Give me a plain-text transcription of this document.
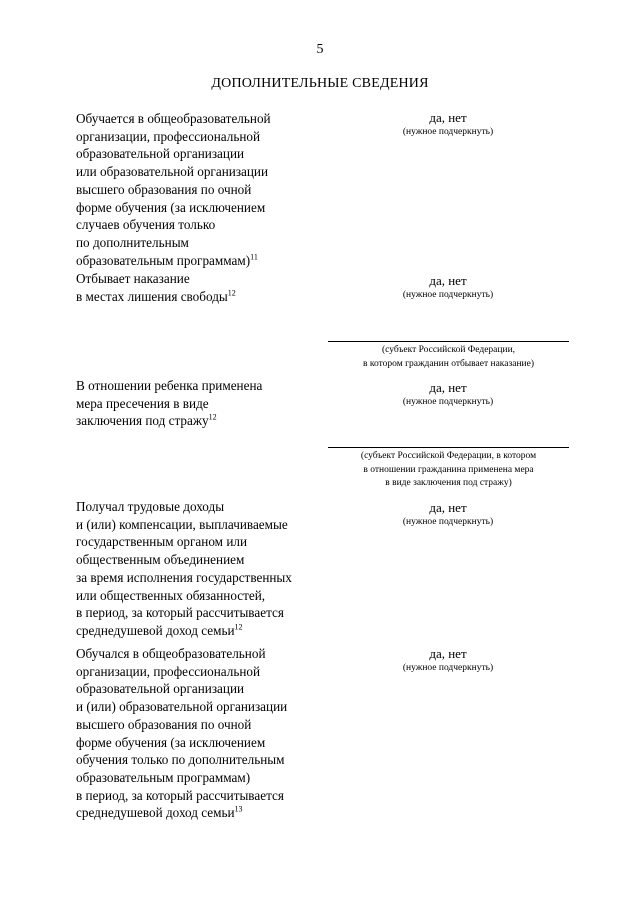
5
ДОПОЛНИТЕЛЬНЫЕ СВЕДЕНИЯ
Обучается в общеобразовательной
организации, профессиональной
образовательной организации
или образовательной организации
высшего образования по очной
форме обучения (за исключением
случаев обучения только
по дополнительным
образовательным программам)$^{11}$
да, нет
(нужное подчеркнуть)
Отбывает наказание
в местах лишения свободы$^{12}$
да, нет
(нужное подчеркнуть)
(субъект Российской Федерации,
в котором гражданин отбывает наказание)
В отношении ребенка применена
мера пресечения в виде
заключения под стражу$^{12}$
да, нет
(нужное подчеркнуть)
(субъект Российской Федерации, в котором
в отношении гражданина применена мера
в виде заключения под стражу)
Получал трудовые доходы
и (или) компенсации, выплачиваемые
государственным органом или
общественным объединением
за время исполнения государственных
или общественных обязанностей,
в период, за который рассчитывается
среднедушевой доход семьи$^{12}$
да, нет
(нужное подчеркнуть)
Обучался в общеобразовательной
организации, профессиональной
образовательной организации
и (или) образовательной организации
высшего образования по очной
форме обучения (за исключением
обучения только по дополнительным
образовательным программам)
в период, за который рассчитывается
среднедушевой доход семьи$^{13}$
да, нет
(нужное подчеркнуть)
